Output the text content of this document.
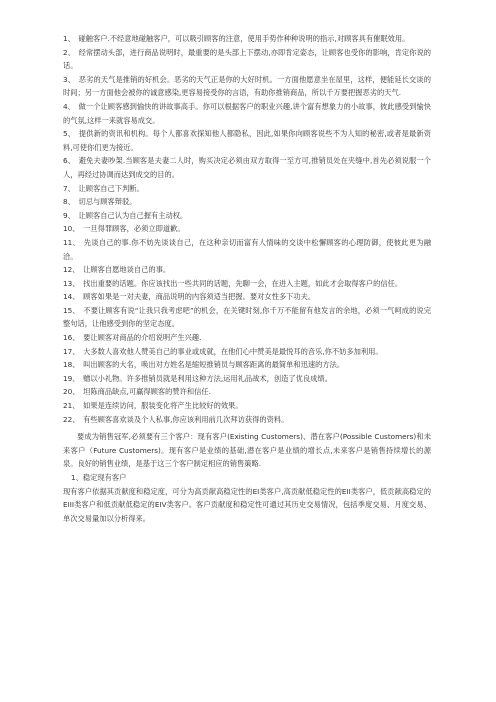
1、　碰触客户.不经意地碰触客户，可以吸引顾客的注意，使用手势作种种说明的指示,对顾客具有催眠效用。

2、　经常摆动头部，进行商品说明时，最重要的是头部上下摆动,亦即肯定姿态，让顾客也受你的影响，肯定你说的话。

3、　恶劣的天气是推销的好机会。恶劣的天气正是你的大好时机。一方面他愿意坐在屋里，这样，便能延长交谈的时间；另一方面他会被你的诚意感染,更容易接受你的言语，有助你推销商品，所以千万要把握恶劣的天气.

4、　做一个让顾客感到愉快的讲故事高手。你可以根据客户的职业兴趣,讲个富有想象力的小故事，彼此感受到愉快的气氛,这样一来就容易成交。

5、　提供新的资讯和机构。每个人都喜欢探知他人都隐私，因此,如果你向顾客说些不为人知的秘密,或者是最新资料,可使你们更为接近。

6、　避免夫妻吵架.当顾客是夫妻二人时，购买决定必须由双方取得一至方可,推销员处在夹缝中,首先必须说服一个人，再经过协调而达到成交的目的。

7、　让顾客自己下判断。

8、　切忌与顾客辩驳。

9、　让顾客自己认为自己握有主动权。

10、　一旦得罪顾客，必须立即道歉。

11、　先谈自己的事.你不妨先谈谈自己，在这种亲切而富有人情味的交谈中松懈顾客的心理防御，使彼此更为融洽。

12、　让顾客自愿地谈自己的事。

13、　找出重要的话题。你应该找出一些共同的话题，先聊一会，在进入主题，如此才会取得客户的信任。

14、　顾客如果是一对夫妻，商品说明的内容须适当把握。要对女性多下功夫。

15、　不要让顾客有说“让我只我考虑吧”的机会，在关键时刻,你千万不能留有他发言的余地，必须一气呵成的说完整句话，让他感受到你的坚定态度。

16、　要让顾客对商品的介绍说明产生兴趣.

17、　大多数人喜欢他人赞美自己的事业或成就，在他们心中赞美是最悦耳的音乐,你不妨多加利用。

18、　叫出顾客的大名，唤出对方姓名是缩短推销员与顾客距离的最简单和迅速的方法。

19、　赠以小礼物。许多推销员就是利用这种方法,运用礼品战术，创造了优良成绩。

20、　坦陈商品缺点,可赢得顾客的赞许和信任.

21、　如果是连续访问，服装变化将产生比较好的效果。

22、　有些顾客喜欢谈及个人私事,你应该利用前几次拜访获得的资料。

要成为销售冠军,必须要有三个客户：现有客户(Existing Customers)、潜在客户(Possible Customers)和未来客户（Future Customers)。现有客户是业绩的基础,潜在客户是业绩的增长点,未来客户是销售持续增长的源泉。良好的销售业绩，是基于这三个客户制定相应的销售策略.

1、稳定现有客户

现有客户依据其贡献度和稳定度，可分为高贡献高稳定性的EI类客户,高贡献低稳定性的EII类客户，低贡献高稳定的EIII类客户和低贡献低稳定的EIV类客户。客户贡献度和稳定性可通过其历史交易情况，包括季度交易、月度交易、单次交易量加以分析得来。
